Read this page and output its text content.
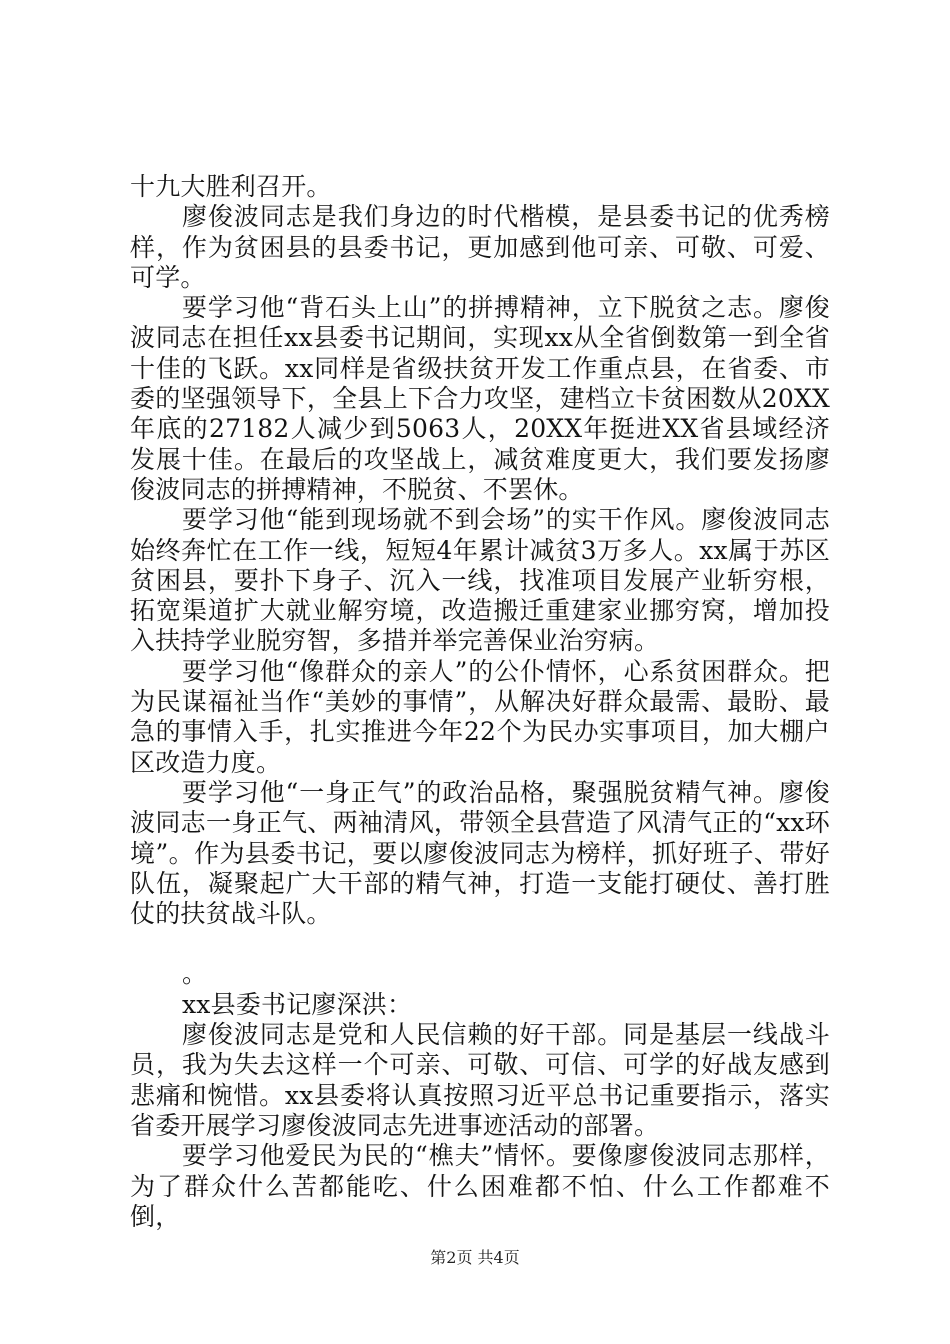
十九大胜利召开。

廖俊波同志是我们身边的时代楷模，是县委书记的优秀榜样，作为贫困县的县委书记，更加感到他可亲、可敬、可爱、可学。

要学习他“背石头上山”的拼搏精神，立下脱贫之志。廖俊波同志在担任xx县委书记期间，实现xx从全省倒数第一到全省十佳的飞跃。xx同样是省级扶贫开发工作重点县，在省委、市委的坚强领导下，全县上下合力攻坚，建档立卡贫困数从20XX年底的27182人减少到5063人，20XX年挺进XX省县域经济发展十佳。在最后的攻坚战上，减贫难度更大，我们要发扬廖俊波同志的拼搏精神，不脱贫、不罢休。

要学习他“能到现场就不到会场”的实干作风。廖俊波同志始终奔忙在工作一线，短短4年累计减贫3万多人。xx属于苏区贫困县，要扑下身子、沉入一线，找准项目发展产业斩穷根，拓宽渠道扩大就业解穷境，改造搬迁重建家业挪穷窝，增加投入扶持学业脱穷智，多措并举完善保业治穷病。

要学习他“像群众的亲人”的公仆情怀，心系贫困群众。把为民谋福祉当作“美妙的事情”，从解决好群众最需、最盼、最急的事情入手，扎实推进今年22个为民办实事项目，加大棚户区改造力度。

要学习他“一身正气”的政治品格，聚强脱贫精气神。廖俊波同志一身正气、两袖清风，带领全县营造了风清气正的“xx环境”。作为县委书记，要以廖俊波同志为榜样，抓好班子、带好队伍，凝聚起广大干部的精气神，打造一支能打硬仗、善打胜仗的扶贫战斗队。

。

xx县委书记廖深洪：

廖俊波同志是党和人民信赖的好干部。同是基层一线战斗员，我为失去这样一个可亲、可敬、可信、可学的好战友感到悲痛和惋惜。xx县委将认真按照习近平总书记重要指示，落实省委开展学习廖俊波同志先进事迹活动的部署。

要学习他爱民为民的“樵夫”情怀。要像廖俊波同志那样，为了群众什么苦都能吃、什么困难都不怕、什么工作都难不倒，

第2页 共4页
